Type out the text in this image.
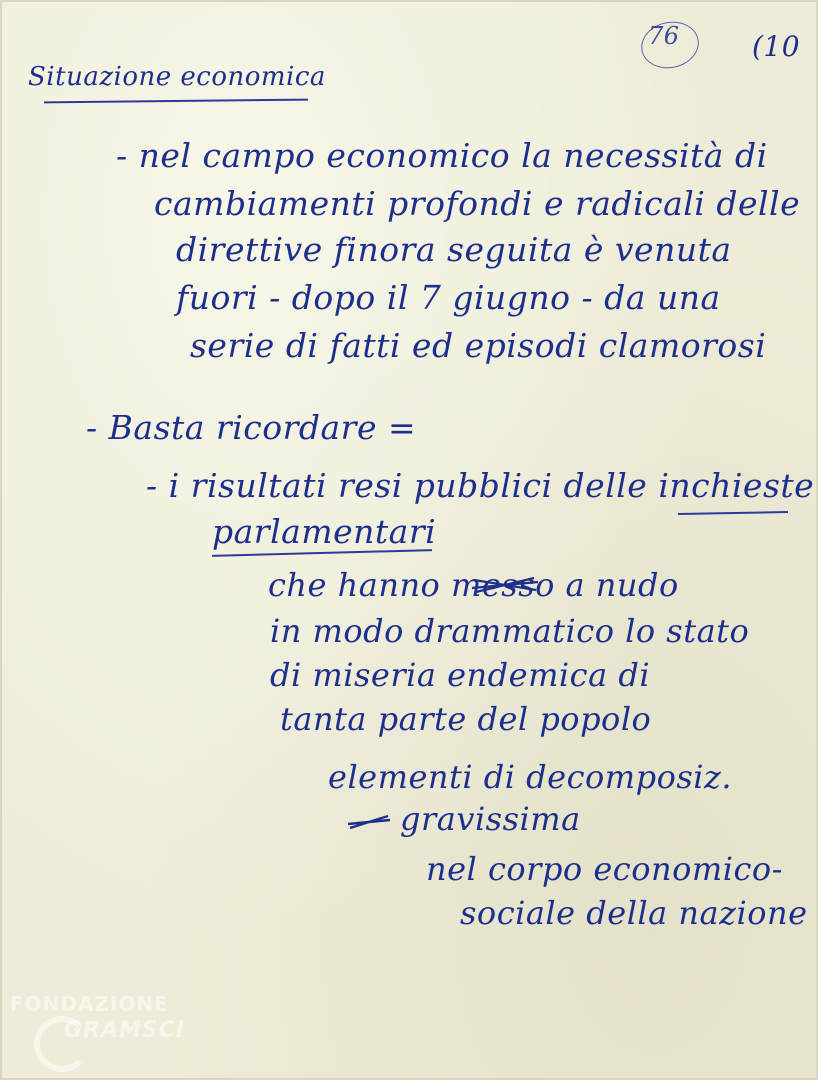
76	(10

Situazione economica

- nel campo economico la necessità di

cambiamenti profondi e radicali delle

direttive finora seguita è venuta

fuori - dopo il 7 giugno - da una

serie di fatti ed episodi clamorosi

- Basta ricordare =

- i risultati resi pubblici delle inchieste

parlamentari

che hanno messo a nudo

in modo drammatico lo stato

di miseria endemica di

tanta parte del popolo

elementi di decomposiz.

gravissima

nel corpo economico-

sociale della nazione

FONDAZIONE

GRAMSCI
